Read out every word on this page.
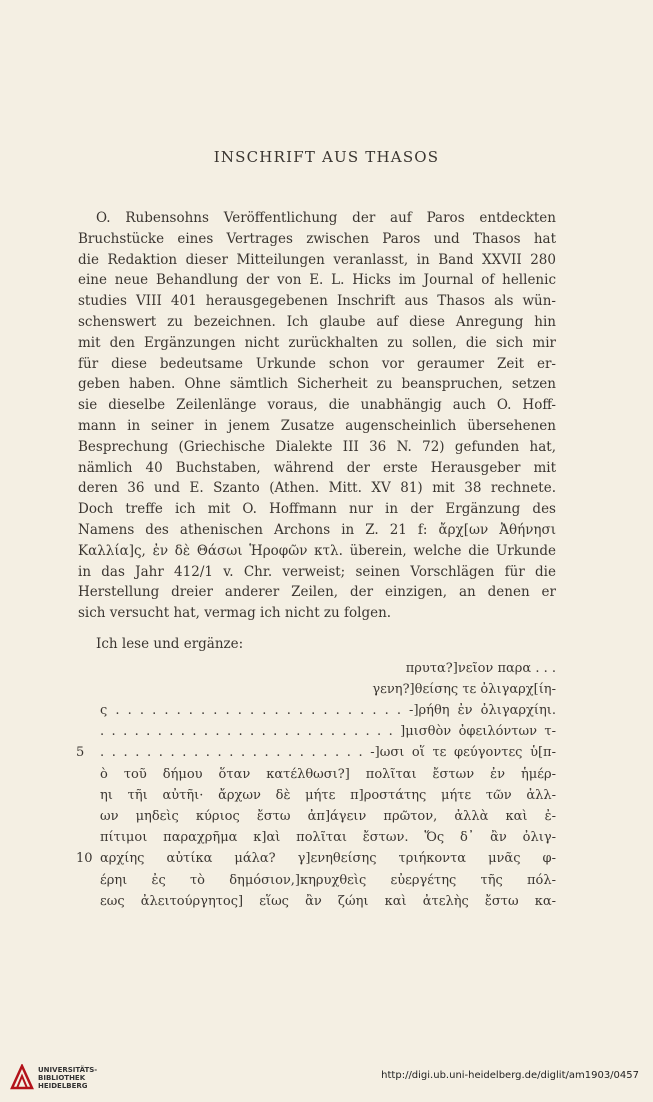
INSCHRIFT AUS THASOS

O. Rubensohns Veröffentlichung der auf Paros entdeckten

Bruchstücke eines Vertrages zwischen Paros und Thasos hat

die Redaktion dieser Mitteilungen veranlasst, in Band XXVII 280

eine neue Behandlung der von E. L. Hicks im Journal of hellenic

studies VIII 401 herausgegebenen Inschrift aus Thasos als wün-

schenswert zu bezeichnen. Ich glaube auf diese Anregung hin

mit den Ergänzungen nicht zurückhalten zu sollen, die sich mir

für diese bedeutsame Urkunde schon vor geraumer Zeit er-

geben haben. Ohne sämtlich Sicherheit zu beanspruchen, setzen

sie dieselbe Zeilenlänge voraus, die unabhängig auch O. Hoff-

mann in seiner in jenem Zusatze augenscheinlich übersehenen

Besprechung (Griechische Dialekte III 36 N. 72) gefunden hat,

nämlich 40 Buchstaben, während der erste Herausgeber mit

deren 36 und E. Szanto (Athen. Mitt. XV 81) mit 38 rechnete.

Doch treffe ich mit O. Hoffmann nur in der Ergänzung des

Namens des athenischen Archons in Z. 21 f: ἄρχ[ων Ἀθήνησι

Καλλία]ς, ἐν δὲ Θάσωι Ἡροφῶν κτλ. überein, welche die Urkunde

in das Jahr 412/1 v. Chr. verweist; seinen Vorschlägen für die

Herstellung dreier anderer Zeilen, der einzigen, an denen er

sich versucht hat, vermag ich nicht zu folgen.

Ich lese und ergänze:

πρυτα?]νεῖον παρα . . .
γενη?]θείσης τε ὀλιγαρχ[ίη-
ς . . . . . . . . . . . . . . . . . . . . . . . . -]ρήθη ἐν ὀλιγαρχίηι.
. . . . . . . . . . . . . . . . . . . . . . . . . . ]μισθὸν ὀφειλόντων τ-
5	. . . . . . . . . . . . . . . . . . . . . . . -]ωσι οἵ τε φεύγοντες ὑ[π-
ὸ τοῦ δήμου ὅταν κατέλθωσι?] πολῖται ἔστων ἐν ἡμέρ-
ηι τῆι αὐτῆι· ἄρχων δὲ μήτε π]ροστάτης μήτε τῶν ἀλλ-
ων μηδεὶς κύριος ἔστω ἀπ]άγειν πρῶτον, ἀλλὰ καὶ ἐ-
πίτιμοι παραχρῆμα κ]αὶ πολῖται ἔστων. Ὅς δ᾽ ἂν ὀλιγ-
10 αρχίης αὐτίκα μάλα? γ]ενηθείσης τριήκοντα μνᾶς φ-
έρηι ἐς τὸ δημόσιον,]κηρυχθεὶς εὐεργέτης τῆς πόλ-
εως ἀλειτούργητος] εἵως ἂν ζώηι καὶ ἀτελὴς ἔστω κα-
UNIVERSITÄTS-
BIBLIOTHEK
HEIDELBERG
http://digi.ub.uni-heidelberg.de/diglit/am1903/0457
